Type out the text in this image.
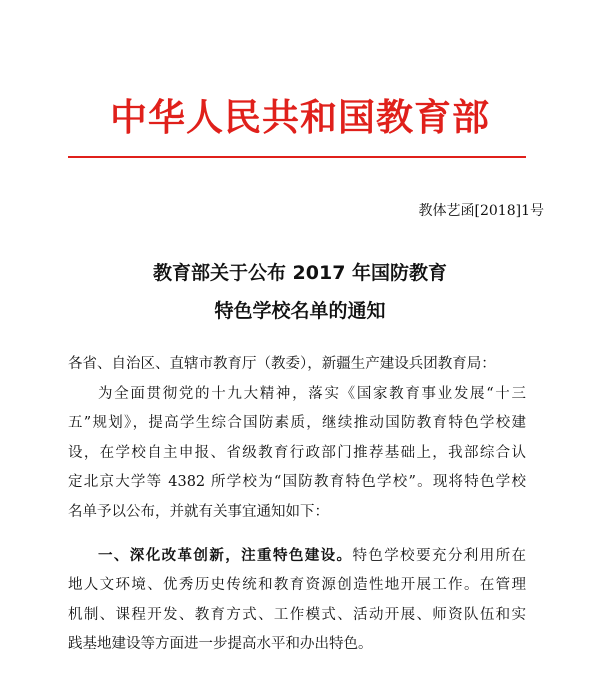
中华人民共和国教育部
教体艺函[2018]1号
教育部关于公布 2017 年国防教育
特色学校名单的通知
各省、自治区、直辖市教育厅（教委），新疆生产建设兵团教育局：
为全面贯彻党的十九大精神，落实《国家教育事业发展“十三
五”规划》，提高学生综合国防素质，继续推动国防教育特色学校建
设，在学校自主申报、省级教育行政部门推荐基础上，我部综合认
定北京大学等 4382 所学校为“国防教育特色学校”。现将特色学校
名单予以公布，并就有关事宜通知如下：
一、深化改革创新，注重特色建设。特色学校要充分利用所在
地人文环境、优秀历史传统和教育资源创造性地开展工作。在管理
机制、课程开发、教育方式、工作模式、活动开展、师资队伍和实
践基地建设等方面进一步提高水平和办出特色。
